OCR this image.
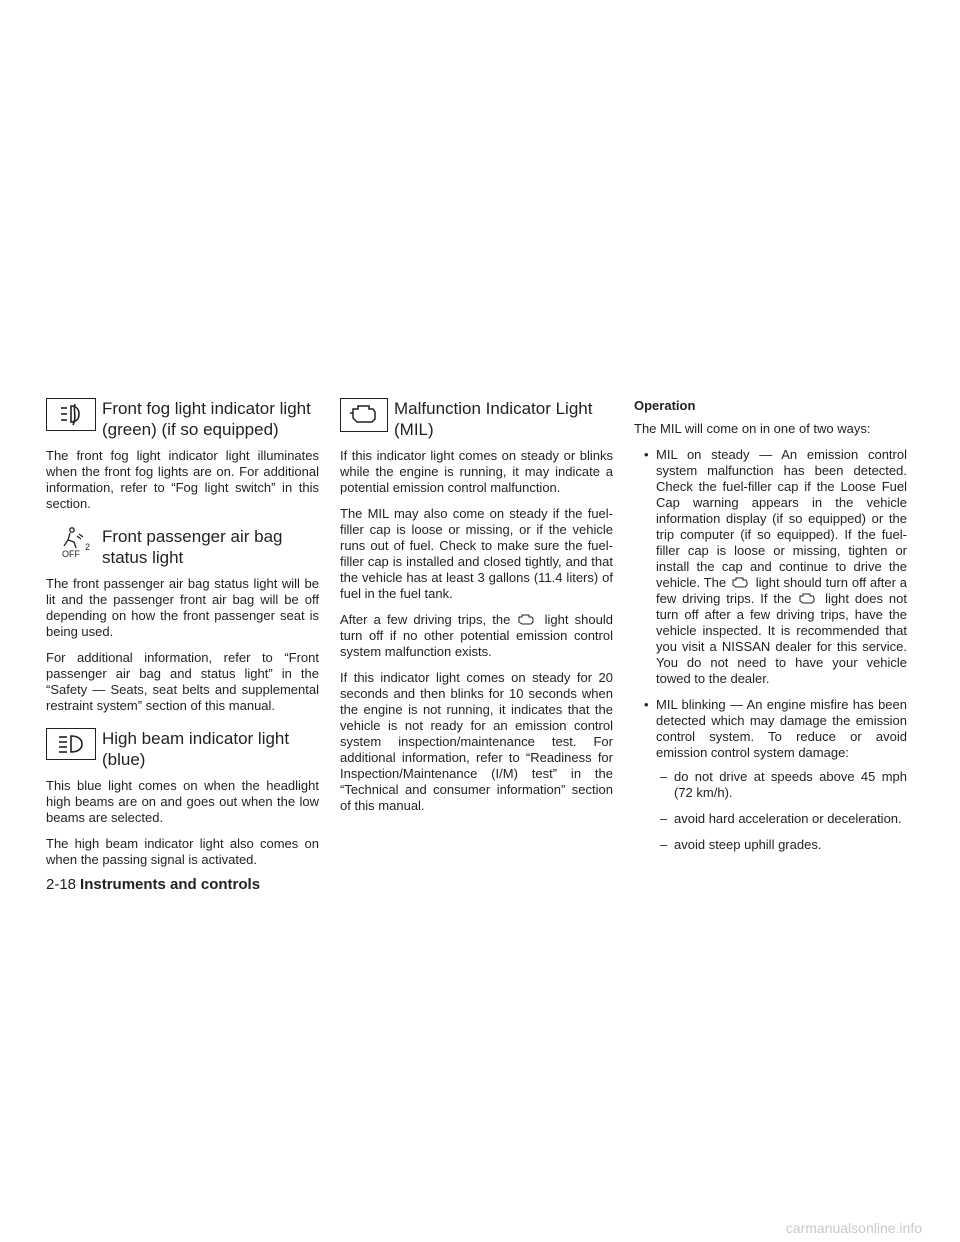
Front fog light indicator light (green) (if so equipped)

The front fog light indicator light illuminates when the front fog lights are on. For additional information, refer to “Fog light switch” in this section.

2
OFF
Front passenger air bag status light

The front passenger air bag status light will be lit and the passenger front air bag will be off depending on how the front passenger seat is being used.

For additional information, refer to “Front passenger air bag and status light” in the “Safety — Seats, seat belts and supplemental restraint system” section of this manual.

High beam indicator light (blue)

This blue light comes on when the headlight high beams are on and goes out when the low beams are selected.

The high beam indicator light also comes on when the passing signal is activated.

Malfunction Indicator Light (MIL)

If this indicator light comes on steady or blinks while the engine is running, it may indicate a potential emission control malfunction.

The MIL may also come on steady if the fuel-filler cap is loose or missing, or if the vehicle runs out of fuel. Check to make sure the fuel-filler cap is installed and closed tightly, and that the vehicle has at least 3 gallons (11.4 liters) of fuel in the fuel tank.

After a few driving trips, the	light should turn off if no other potential emission control system malfunction exists.

If this indicator light comes on steady for 20 seconds and then blinks for 10 seconds when the engine is not running, it indicates that the vehicle is not ready for an emission control system inspection/maintenance test. For additional information, refer to “Readiness for Inspection/Maintenance (I/M) test” in the “Technical and consumer information” section of this manual.

Operation

The MIL will come on in one of two ways:

• MIL on steady — An emission control system malfunction has been detected. Check the fuel-filler cap if the Loose Fuel Cap warning appears in the vehicle information display (if so equipped) or the trip computer (if so equipped). If the fuel-filler cap is loose or missing, tighten or install the cap and continue to drive the vehicle. The light should turn off after a few driving trips. If the	light does not turn off after a few driving trips, have the vehicle inspected. It is recommended that you visit a NISSAN dealer for this service. You do not need to have your vehicle towed to the dealer.
• MIL blinking — An engine misfire has been detected which may damage the emission control system. To reduce or avoid emission control system damage:
– do not drive at speeds above 45 mph (72 km/h).
– avoid hard acceleration or deceleration.
– avoid steep uphill grades.
2-18 Instruments and controls
carmanualsonline.info
